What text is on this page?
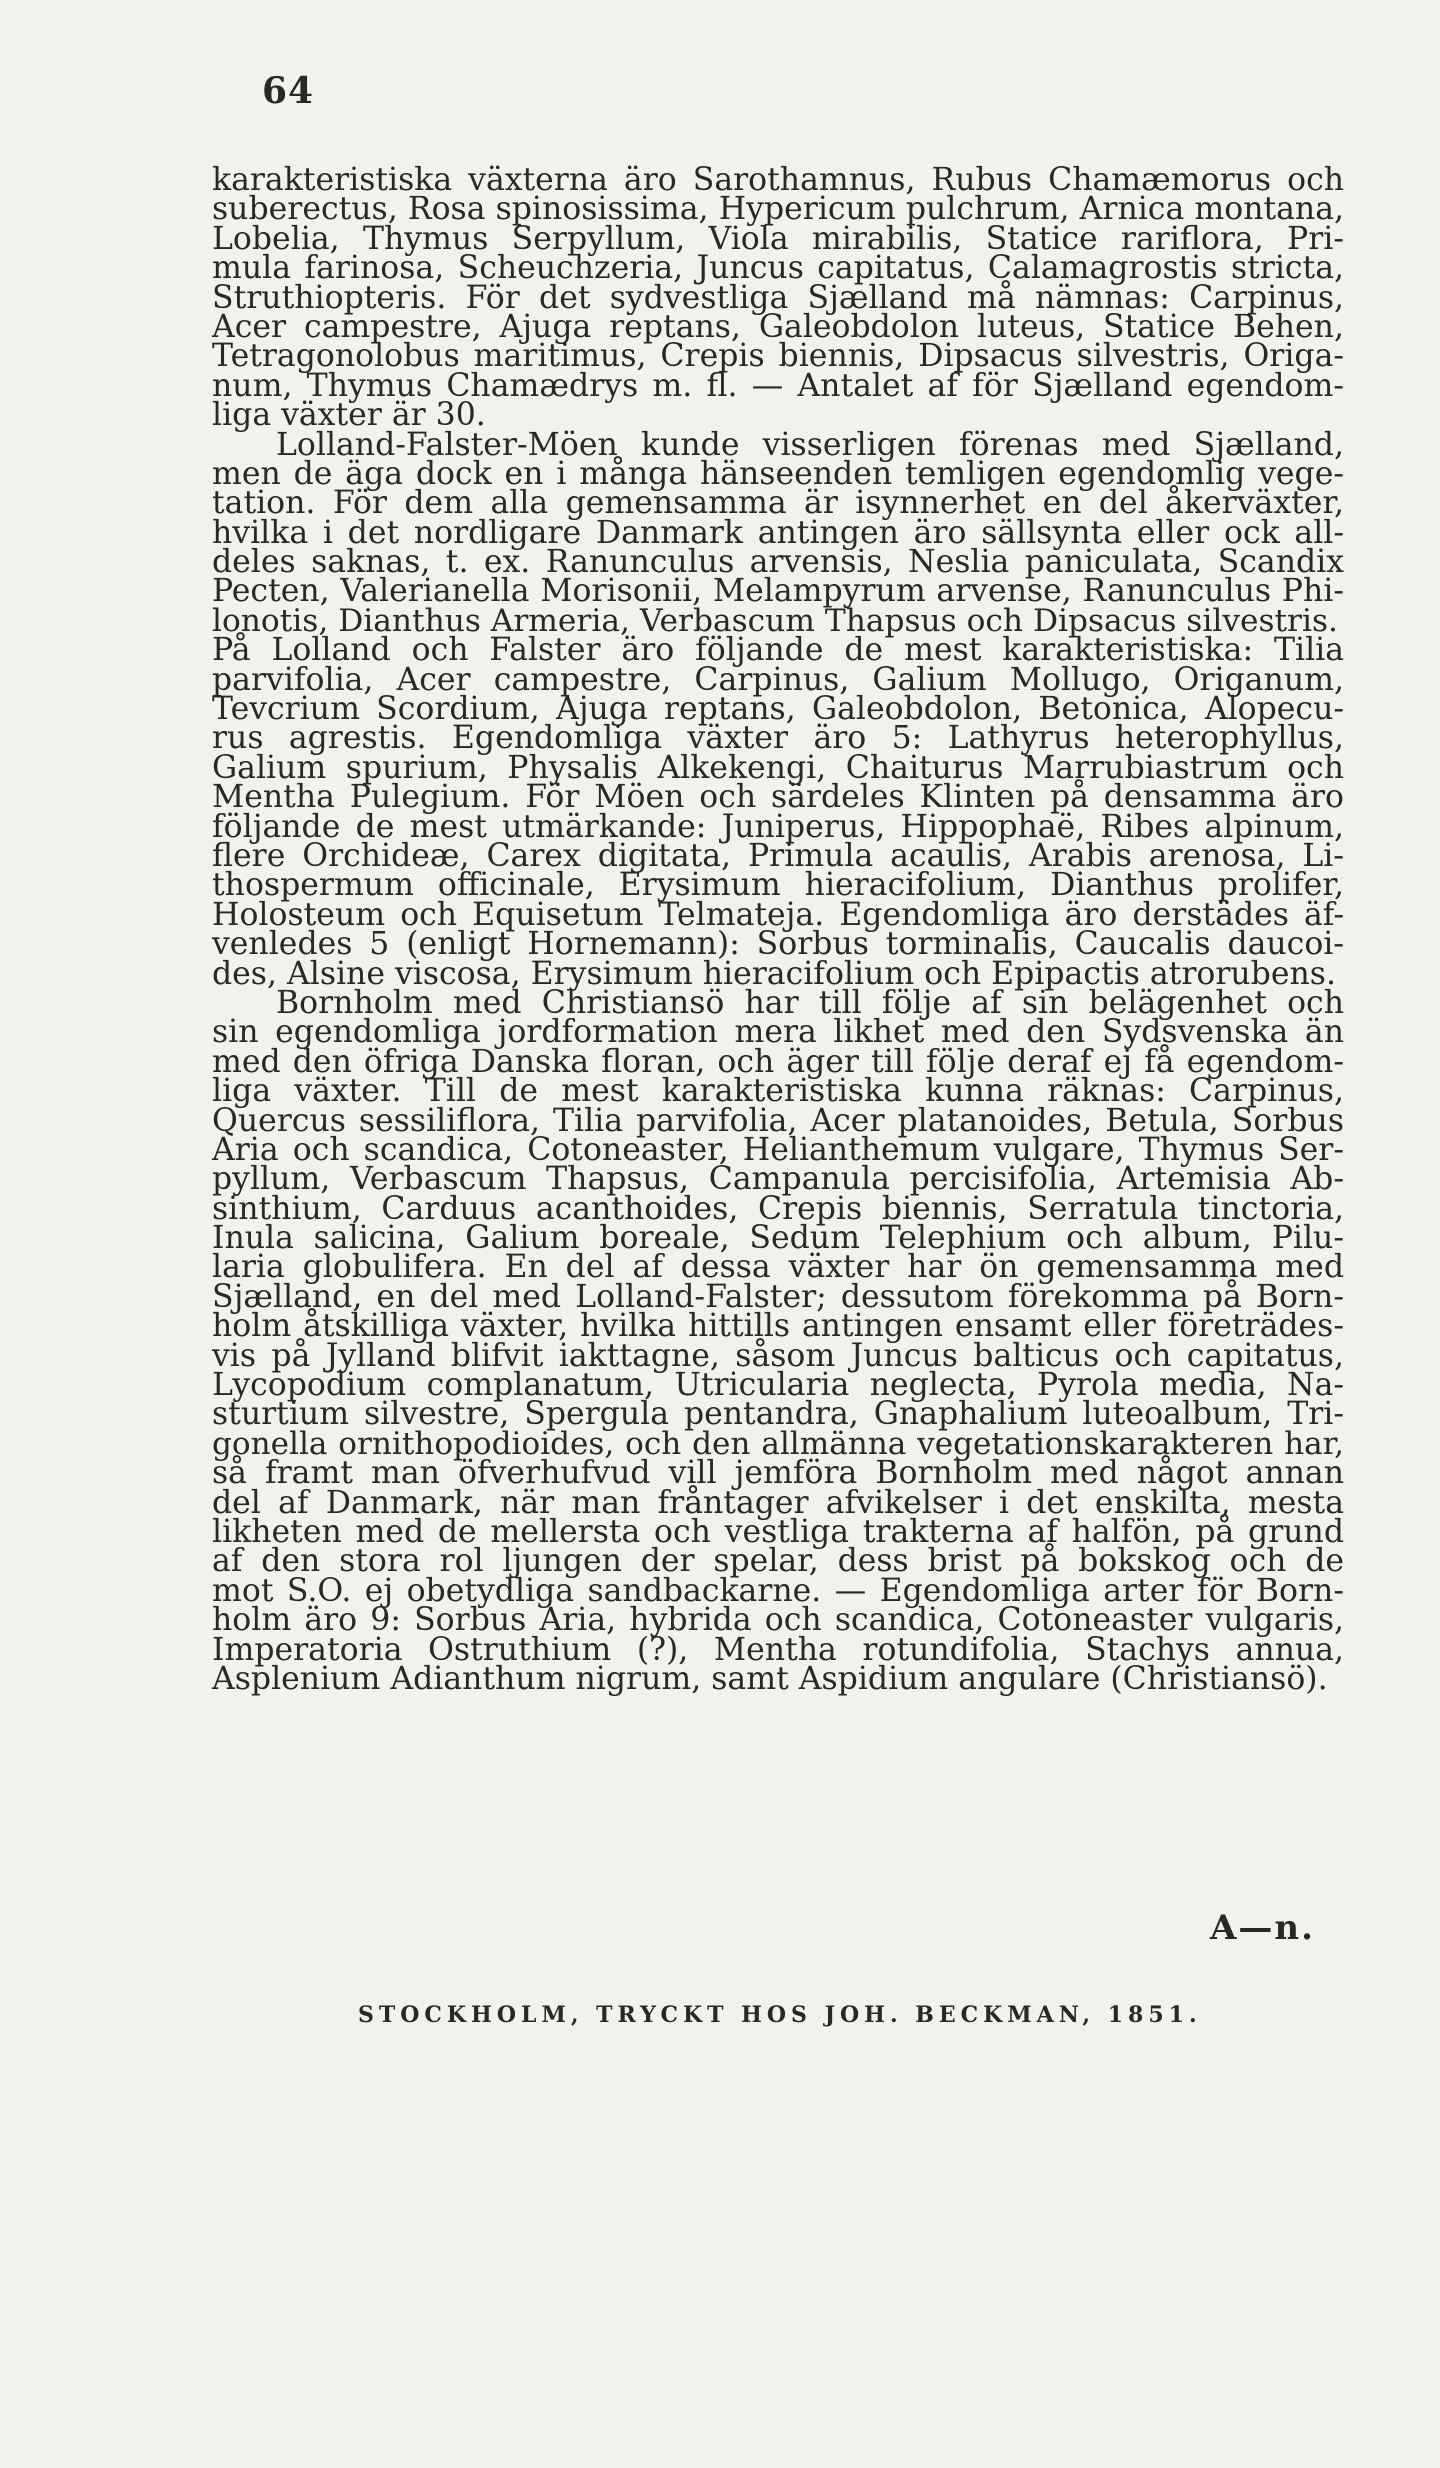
64
karakteristiska växterna äro Sarothamnus, Rubus Chamæmorus och
suberectus, Rosa spinosissima, Hypericum pulchrum, Arnica montana,
Lobelia, Thymus Serpyllum, Viola mirabilis, Statice rariflora, Pri-
mula farinosa, Scheuchzeria, Juncus capitatus, Calamagrostis stricta,
Struthiopteris. För det sydvestliga Sjælland må nämnas: Carpinus,
Acer campestre, Ajuga reptans, Galeobdolon luteus, Statice Behen,
Tetragonolobus maritimus, Crepis biennis, Dipsacus silvestris, Origa-
num, Thymus Chamædrys m. fl. — Antalet af för Sjælland egendom-
liga växter är 30.
Lolland-Falster-Möen kunde visserligen förenas med Sjælland,
men de äga dock en i många hänseenden temligen egendomlig vege-
tation. För dem alla gemensamma är isynnerhet en del åkerväxter,
hvilka i det nordligare Danmark antingen äro sällsynta eller ock all-
deles saknas, t. ex. Ranunculus arvensis, Neslia paniculata, Scandix
Pecten, Valerianella Morisonii, Melampyrum arvense, Ranunculus Phi-
lonotis, Dianthus Armeria, Verbascum Thapsus och Dipsacus silvestris.
På Lolland och Falster äro följande de mest karakteristiska: Tilia
parvifolia, Acer campestre, Carpinus, Galium Mollugo, Origanum,
Tevcrium Scordium, Ajuga reptans, Galeobdolon, Betonica, Alopecu-
rus agrestis. Egendomliga växter äro 5: Lathyrus heterophyllus,
Galium spurium, Physalis Alkekengi, Chaiturus Marrubiastrum och
Mentha Pulegium. För Möen och särdeles Klinten på densamma äro
följande de mest utmärkande: Juniperus, Hippophaë, Ribes alpinum,
flere Orchideæ, Carex digitata, Primula acaulis, Arabis arenosa, Li-
thospermum officinale, Erysimum hieracifolium, Dianthus prolifer,
Holosteum och Equisetum Telmateja. Egendomliga äro derstädes äf-
venledes 5 (enligt Hornemann): Sorbus torminalis, Caucalis daucoi-
des, Alsine viscosa, Erysimum hieracifolium och Epipactis atrorubens.
Bornholm med Christiansö har till följe af sin belägenhet och
sin egendomliga jordformation mera likhet med den Sydsvenska än
med den öfriga Danska floran, och äger till följe deraf ej få egendom-
liga växter. Till de mest karakteristiska kunna räknas: Carpinus,
Quercus sessiliflora, Tilia parvifolia, Acer platanoides, Betula, Sorbus
Aria och scandica, Cotoneaster, Helianthemum vulgare, Thymus Ser-
pyllum, Verbascum Thapsus, Campanula percisifolia, Artemisia Ab-
sinthium, Carduus acanthoides, Crepis biennis, Serratula tinctoria,
Inula salicina, Galium boreale, Sedum Telephium och album, Pilu-
laria globulifera. En del af dessa växter har ön gemensamma med
Sjælland, en del med Lolland-Falster; dessutom förekomma på Born-
holm åtskilliga växter, hvilka hittills antingen ensamt eller företrädes-
vis på Jylland blifvit iakttagne, såsom Juncus balticus och capitatus,
Lycopodium complanatum, Utricularia neglecta, Pyrola media, Na-
sturtium silvestre, Spergula pentandra, Gnaphalium luteoalbum, Tri-
gonella ornithopodioides, och den allmänna vegetationskarakteren har,
så framt man öfverhufvud vill jemföra Bornholm med något annan
del af Danmark, när man fråntager afvikelser i det enskilta, mesta
likheten med de mellersta och vestliga trakterna af halfön, på grund
af den stora rol ljungen der spelar, dess brist på bokskog och de
mot S.O. ej obetydliga sandbackarne. — Egendomliga arter för Born-
holm äro 9: Sorbus Aria, hybrida och scandica, Cotoneaster vulgaris,
Imperatoria Ostruthium (?), Mentha rotundifolia, Stachys annua,
Asplenium Adianthum nigrum, samt Aspidium angulare (Christiansö).
A—n.
STOCKHOLM, TRYCKT HOS JOH. BECKMAN, 1851.
